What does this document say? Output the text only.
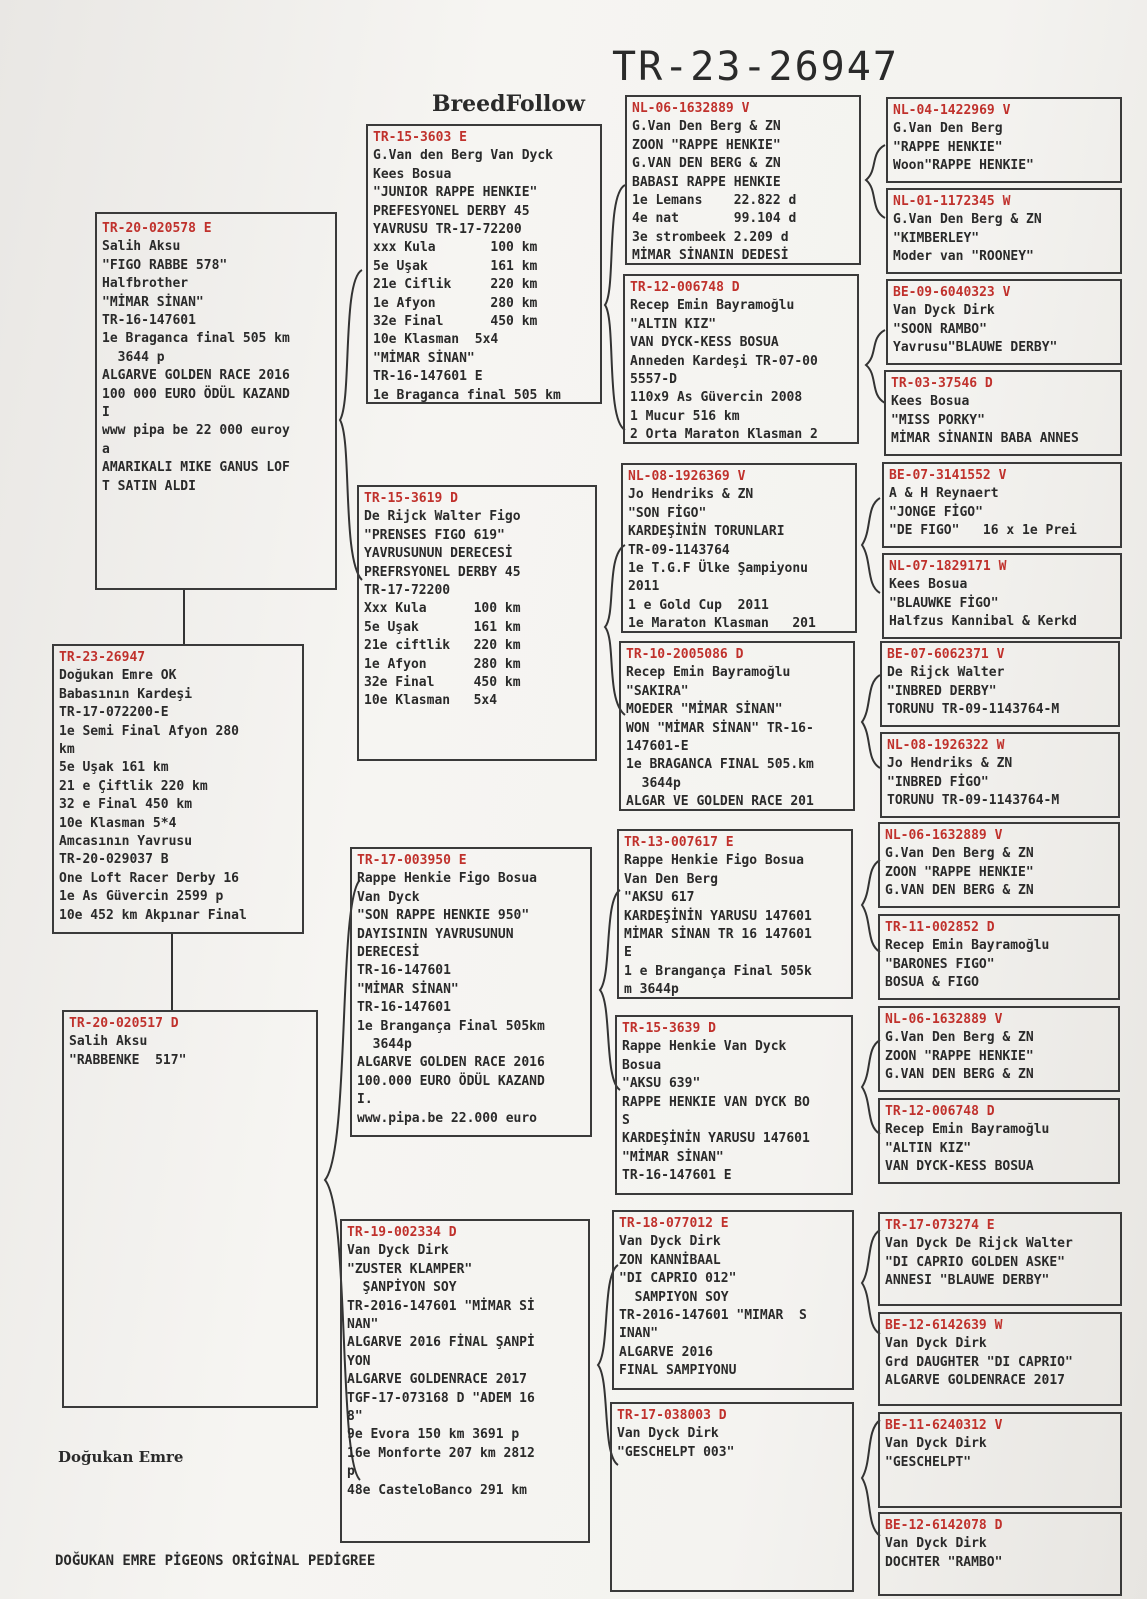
TR-23-26947
BreedFollow
TR-23-26947
Doğukan Emre OK
Babasının Kardeşi
TR-17-072200-E
1e Semi Final Afyon 280
km
5e Uşak 161 km
21 e Çiftlik 220 km
32 e Final 450 km
10e Klasman 5*4
Amcasının Yavrusu
TR-20-029037 B
One Loft Racer Derby 16
1e As Güvercin 2599 p
10e 452 km Akpınar Final
TR-20-020578 E
Salih Aksu
"FIGO RABBE 578"
Halfbrother
"MİMAR SİNAN"
TR-16-147601
1e Braganca final 505 km
3644 p
ALGARVE GOLDEN RACE 2016
100 000 EURO ÖDÜL KAZAND
I
www pipa be 22 000 euroy
a
AMARIKALI MIKE GANUS LOF
T SATIN ALDI
TR-20-020517 D
Salih Aksu
"RABBENKE  517"
Doğukan Emre
DOĞUKAN EMRE PİGEONS ORİGİNAL PEDİGREE
TR-15-3603 E
G.Van den Berg Van Dyck
Kees Bosua
"JUNIOR RAPPE HENKIE"
PREFESYONEL DERBY 45
YAVRUSU TR-17-72200
xxx Kula       100 km
5e Uşak        161 km
21e Ciflik     220 km
1e Afyon       280 km
32e Final      450 km
10e Klasman  5x4
"MİMAR SİNAN"
TR-16-147601 E
1e Braganca final 505 km
TR-15-3619 D
De Rijck Walter Figo
"PRENSES FIGO 619"
YAVRUSUNUN DERECESİ
PREFRSYONEL DERBY 45
TR-17-72200
Xxx Kula      100 km
5e Uşak       161 km
21e ciftlik   220 km
1e Afyon      280 km
32e Final     450 km
10e Klasman   5x4
TR-17-003950 E
Rappe Henkie Figo Bosua
Van Dyck
"SON RAPPE HENKIE 950"
DAYISININ YAVRUSUNUN
DERECESİ
TR-16-147601
"MİMAR SİNAN"
TR-16-147601
1e Brangança Final 505km
3644p
ALGARVE GOLDEN RACE 2016
100.000 EURO ÖDÜL KAZAND
I.
www.pipa.be 22.000 euro
TR-19-002334 D
Van Dyck Dirk
"ZUSTER KLAMPER"
ŞANPİYON SOY
TR-2016-147601 "MİMAR Sİ
NAN"
ALGARVE 2016 FİNAL ŞANPİ
YON
ALGARVE GOLDENRACE 2017
TGF-17-073168 D "ADEM 16
8"
9e Evora 150 km 3691 p
16e Monforte 207 km 2812
p
48e CasteloBanco 291 km
NL-06-1632889 V
G.Van Den Berg & ZN
ZOON "RAPPE HENKIE"
G.VAN DEN BERG & ZN
BABASI RAPPE HENKIE
1e Lemans    22.822 d
4e nat       99.104 d
3e strombeek 2.209 d
MİMAR SİNANIN DEDESİ
TR-12-006748 D
Recep Emin Bayramoğlu
"ALTIN KIZ"
VAN DYCK-KESS BOSUA
Anneden Kardeşi TR-07-00
5557-D
110x9 As Güvercin 2008
1 Mucur 516 km
2 Orta Maraton Klasman 2
NL-08-1926369 V
Jo Hendriks & ZN
"SON FİGO"
KARDEŞİNİN TORUNLARI
TR-09-1143764
1e T.G.F Ülke Şampiyonu
2011
1 e Gold Cup  2011
1e Maraton Klasman   201
TR-10-2005086 D
Recep Emin Bayramoğlu
"SAKIRA"
MOEDER "MİMAR SİNAN"
WON "MİMAR SİNAN" TR-16-
147601-E
1e BRAGANCA FINAL 505.km
3644p
ALGAR VE GOLDEN RACE 201
TR-13-007617 E
Rappe Henkie Figo Bosua
Van Den Berg
"AKSU 617
KARDEŞİNİN YARUSU 147601
MİMAR SİNAN TR 16 147601
E
1 e Brangança Final 505k
m 3644p
TR-15-3639 D
Rappe Henkie Van Dyck
Bosua
"AKSU 639"
RAPPE HENKIE VAN DYCK BO
S
KARDEŞİNİN YARUSU 147601
"MİMAR SİNAN"
TR-16-147601 E
TR-18-077012 E
Van Dyck Dirk
ZON KANNİBAAL
"DI CAPRIO 012"
SAMPIYON SOY
TR-2016-147601 "MIMAR  S
INAN"
ALGARVE 2016
FINAL SAMPIYONU
TR-17-038003 D
Van Dyck Dirk
"GESCHELPT 003"
NL-04-1422969 V
G.Van Den Berg
"RAPPE HENKIE"
Woon"RAPPE HENKIE"
NL-01-1172345 W
G.Van Den Berg & ZN
"KIMBERLEY"
Moder van "ROONEY"
BE-09-6040323 V
Van Dyck Dirk
"SOON RAMBO"
Yavrusu"BLAUWE DERBY"
TR-03-37546 D
Kees Bosua
"MISS PORKY"
MİMAR SİNANIN BABA ANNES
BE-07-3141552 V
A & H Reynaert
"JONGE FİGO"
"DE FIGO"   16 x 1e Prei
NL-07-1829171 W
Kees Bosua
"BLAUWKE FİGO"
Halfzus Kannibal & Kerkd
BE-07-6062371 V
De Rijck Walter
"INBRED DERBY"
TORUNU TR-09-1143764-M
NL-08-1926322 W
Jo Hendriks & ZN
"INBRED FİGO"
TORUNU TR-09-1143764-M
NL-06-1632889 V
G.Van Den Berg & ZN
ZOON "RAPPE HENKIE"
G.VAN DEN BERG & ZN
TR-11-002852 D
Recep Emin Bayramoğlu
"BARONES FIGO"
BOSUA & FIGO
NL-06-1632889 V
G.Van Den Berg & ZN
ZOON "RAPPE HENKIE"
G.VAN DEN BERG & ZN
TR-12-006748 D
Recep Emin Bayramoğlu
"ALTIN KIZ"
VAN DYCK-KESS BOSUA
TR-17-073274 E
Van Dyck De Rijck Walter
"DI CAPRIO GOLDEN ASKE"
ANNESI "BLAUWE DERBY"
BE-12-6142639 W
Van Dyck Dirk
Grd DAUGHTER "DI CAPRIO"
ALGARVE GOLDENRACE 2017
BE-11-6240312 V
Van Dyck Dirk
"GESCHELPT"
BE-12-6142078 D
Van Dyck Dirk
DOCHTER "RAMBO"
